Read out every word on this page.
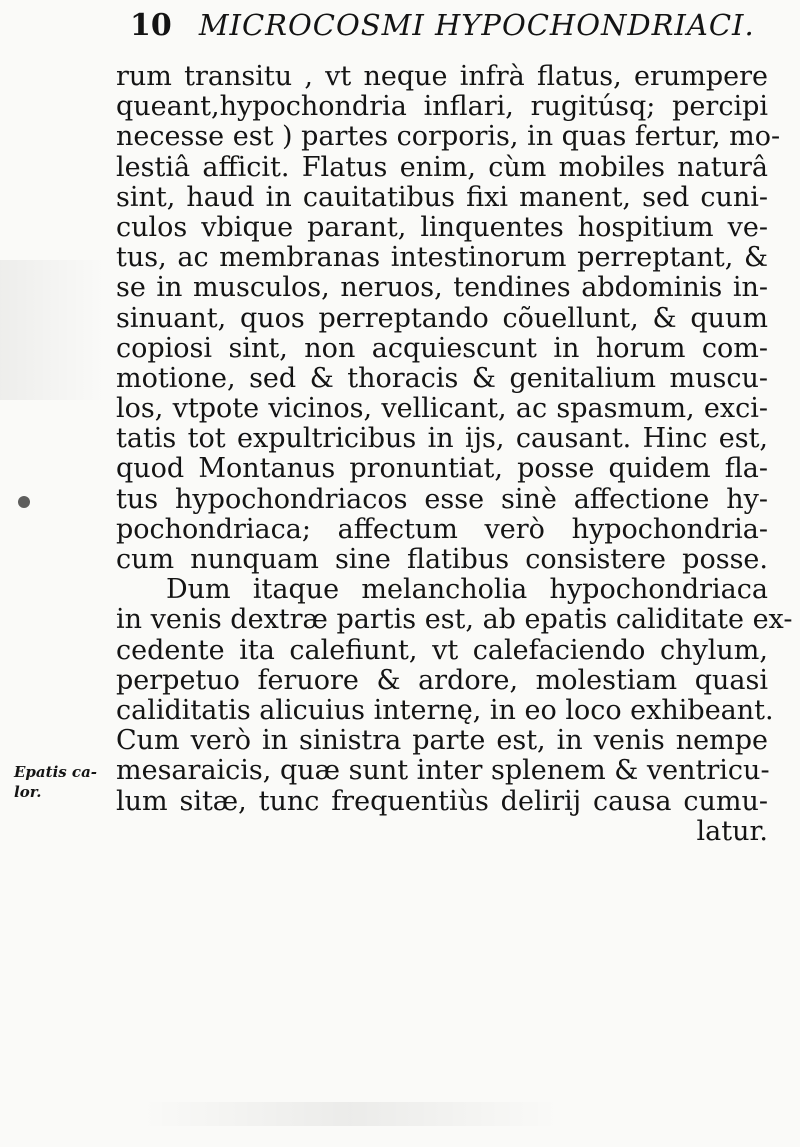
10 MICROCOSMI HYPOCHONDRIACI.
rum transitu , vt neque infrà flatus, erumpere
queant,hypochondria inflari, rugitúsq; percipi
necesse est ) partes corporis, in quas fertur, mo-
lestiâ afficit. Flatus enim, cùm mobiles naturâ
sint, haud in cauitatibus fixi manent, sed cuni-
culos vbique parant, linquentes hospitium ve-
tus, ac membranas intestinorum perreptant, &
se in musculos, neruos, tendines abdominis in-
sinuant, quos perreptando cõuellunt, & quum
copiosi sint, non acquiescunt in horum com-
motione, sed & thoracis & genitalium muscu-
los, vtpote vicinos, vellicant, ac spasmum, exci-
tatis tot expultricibus in ijs, causant. Hinc est,
quod Montanus pronuntiat, posse quidem fla-
tus hypochondriacos esse sinè affectione hy-
pochondriaca; affectum verò hypochondria-
cum nunquam sine flatibus consistere posse.
Dum itaque melancholia hypochondriaca
in venis dextræ partis est, ab epatis caliditate ex-
cedente ita calefiunt, vt calefaciendo chylum,
perpetuo feruore & ardore, molestiam quasi
caliditatis alicuius internę, in eo loco exhibeant.
Cum verò in sinistra parte est, in venis nempe
mesaraicis, quæ sunt inter splenem & ventricu-
lum sitæ, tunc frequentiùs delirij causa cumu-
latur.
Epatis ca-
lor.
